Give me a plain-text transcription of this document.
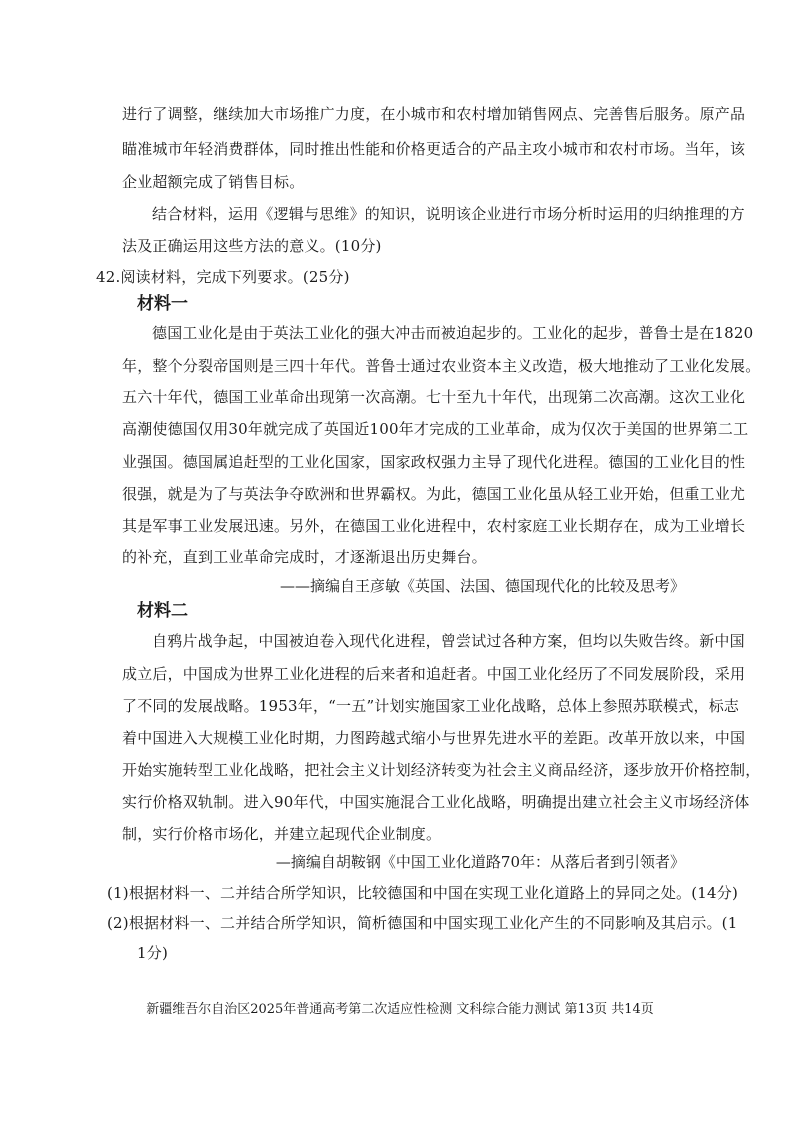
进行了调整，继续加大市场推广力度，在小城市和农村增加销售网点、完善售后服务。原产品
瞄准城市年轻消费群体，同时推出性能和价格更适合的产品主攻小城市和农村市场。当年，该
企业超额完成了销售目标。
结合材料，运用《逻辑与思维》的知识，说明该企业进行市场分析时运用的归纳推理的方
法及正确运用这些方法的意义。(10分)
42.阅读材料，完成下列要求。(25分)
材料一
德国工业化是由于英法工业化的强大冲击而被迫起步的。工业化的起步，普鲁士是在1820
年，整个分裂帝国则是三四十年代。普鲁士通过农业资本主义改造，极大地推动了工业化发展。
五六十年代，德国工业革命出现第一次高潮。七十至九十年代，出现第二次高潮。这次工业化
高潮使德国仅用30年就完成了英国近100年才完成的工业革命，成为仅次于美国的世界第二工
业强国。德国属追赶型的工业化国家，国家政权强力主导了现代化进程。德国的工业化目的性
很强，就是为了与英法争夺欧洲和世界霸权。为此，德国工业化虽从轻工业开始，但重工业尤
其是军事工业发展迅速。另外，在德国工业化进程中，农村家庭工业长期存在，成为工业增长
的补充，直到工业革命完成时，才逐渐退出历史舞台。
——摘编自王彦敏《英国、法国、德国现代化的比较及思考》
材料二
自鸦片战争起，中国被迫卷入现代化进程，曾尝试过各种方案，但均以失败告终。新中国
成立后，中国成为世界工业化进程的后来者和追赶者。中国工业化经历了不同发展阶段，采用
了不同的发展战略。1953年，“一五”计划实施国家工业化战略，总体上参照苏联模式，标志
着中国进入大规模工业化时期，力图跨越式缩小与世界先进水平的差距。改革开放以来，中国
开始实施转型工业化战略，把社会主义计划经济转变为社会主义商品经济，逐步放开价格控制，
实行价格双轨制。进入90年代，中国实施混合工业化战略，明确提出建立社会主义市场经济体
制，实行价格市场化，并建立起现代企业制度。
—摘编自胡鞍钢《中国工业化道路70年：从落后者到引领者》
(1)根据材料一、二并结合所学知识，比较德国和中国在实现工业化道路上的异同之处。(14分)
(2)根据材料一、二并结合所学知识，简析德国和中国实现工业化产生的不同影响及其启示。(1
1分)
新疆维吾尔自治区2025年普通高考第二次适应性检测 文科综合能力测试 第13页 共14页
